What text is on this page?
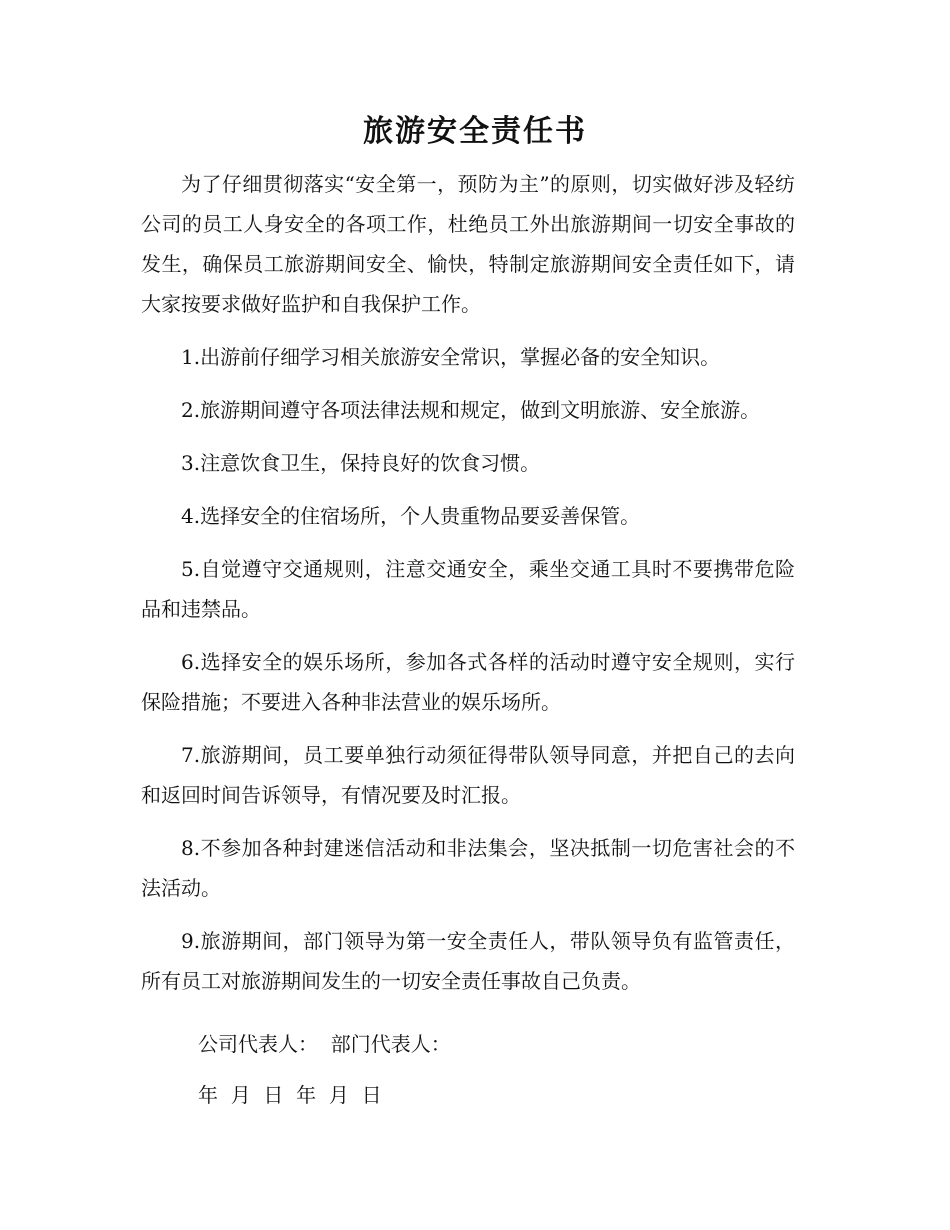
旅游安全责任书

为了仔细贯彻落实“安全第一，预防为主”的原则，切实做好涉及轻纺公司的员工人身安全的各项工作，杜绝员工外出旅游期间一切安全事故的发生，确保员工旅游期间安全、愉快，特制定旅游期间安全责任如下，请大家按要求做好监护和自我保护工作。

1.出游前仔细学习相关旅游安全常识，掌握必备的安全知识。

2.旅游期间遵守各项法律法规和规定，做到文明旅游、安全旅游。

3.注意饮食卫生，保持良好的饮食习惯。

4.选择安全的住宿场所，个人贵重物品要妥善保管。

5.自觉遵守交通规则，注意交通安全，乘坐交通工具时不要携带危险品和违禁品。

6.选择安全的娱乐场所，参加各式各样的活动时遵守安全规则，实行保险措施；不要进入各种非法营业的娱乐场所。

7.旅游期间，员工要单独行动须征得带队领导同意，并把自己的去向和返回时间告诉领导，有情况要及时汇报。

8.不参加各种封建迷信活动和非法集会，坚决抵制一切危害社会的不法活动。

9.旅游期间，部门领导为第一安全责任人，带队领导负有监管责任，所有员工对旅游期间发生的一切安全责任事故自己负责。

公司代表人：  部门代表人：
年  月  日  年  月  日
